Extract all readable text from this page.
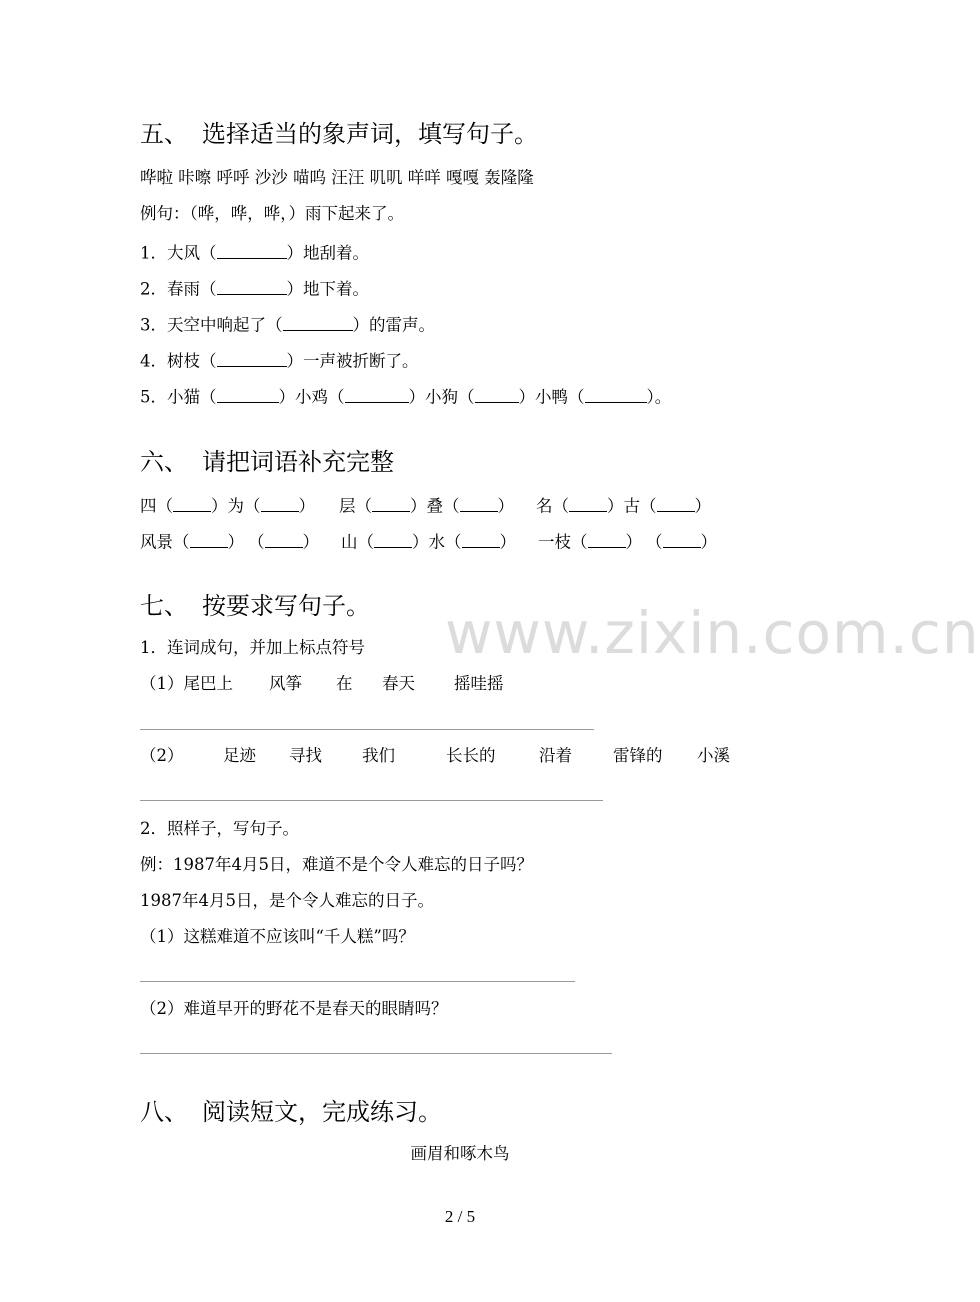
www.zixin.com.cn
五、 选择适当的象声词，填写句子。
哗啦 咔嚓 呼呼 沙沙 喵呜 汪汪 叽叽 咩咩 嘎嘎 轰隆隆
例句：（哗，哗，哗，）雨下起来了。
1．大风（	）地刮着。
2．春雨（	）地下着。
3．天空中响起了（	）的雷声。
4．树枝（	）一声被折断了。
5．小猫（	）小鸡（	）小狗（	）小鸭（	）。
六、 请把词语补充完整
四（ ）为（ ） 层（ ）叠（ ） 名（ ）古（ ）
风景（ ） （ ） 山（ ）水（ ） 一枝（ ） （ ）
七、 按要求写句子。
1．连词成句，并加上标点符号
（1）尾巴上 风筝 在 春天 摇哇摇
（2） 足迹 寻找 我们	长长的	沿着 雷锋的 小溪
2．照样子，写句子。
例：1987年4月5日，难道不是个令人难忘的日子吗？
1987年4月5日，是个令人难忘的日子。
（1）这糕难道不应该叫“千人糕”吗？
（2）难道早开的野花不是春天的眼睛吗？
八、 阅读短文，完成练习。
画眉和啄木鸟
2 / 5
